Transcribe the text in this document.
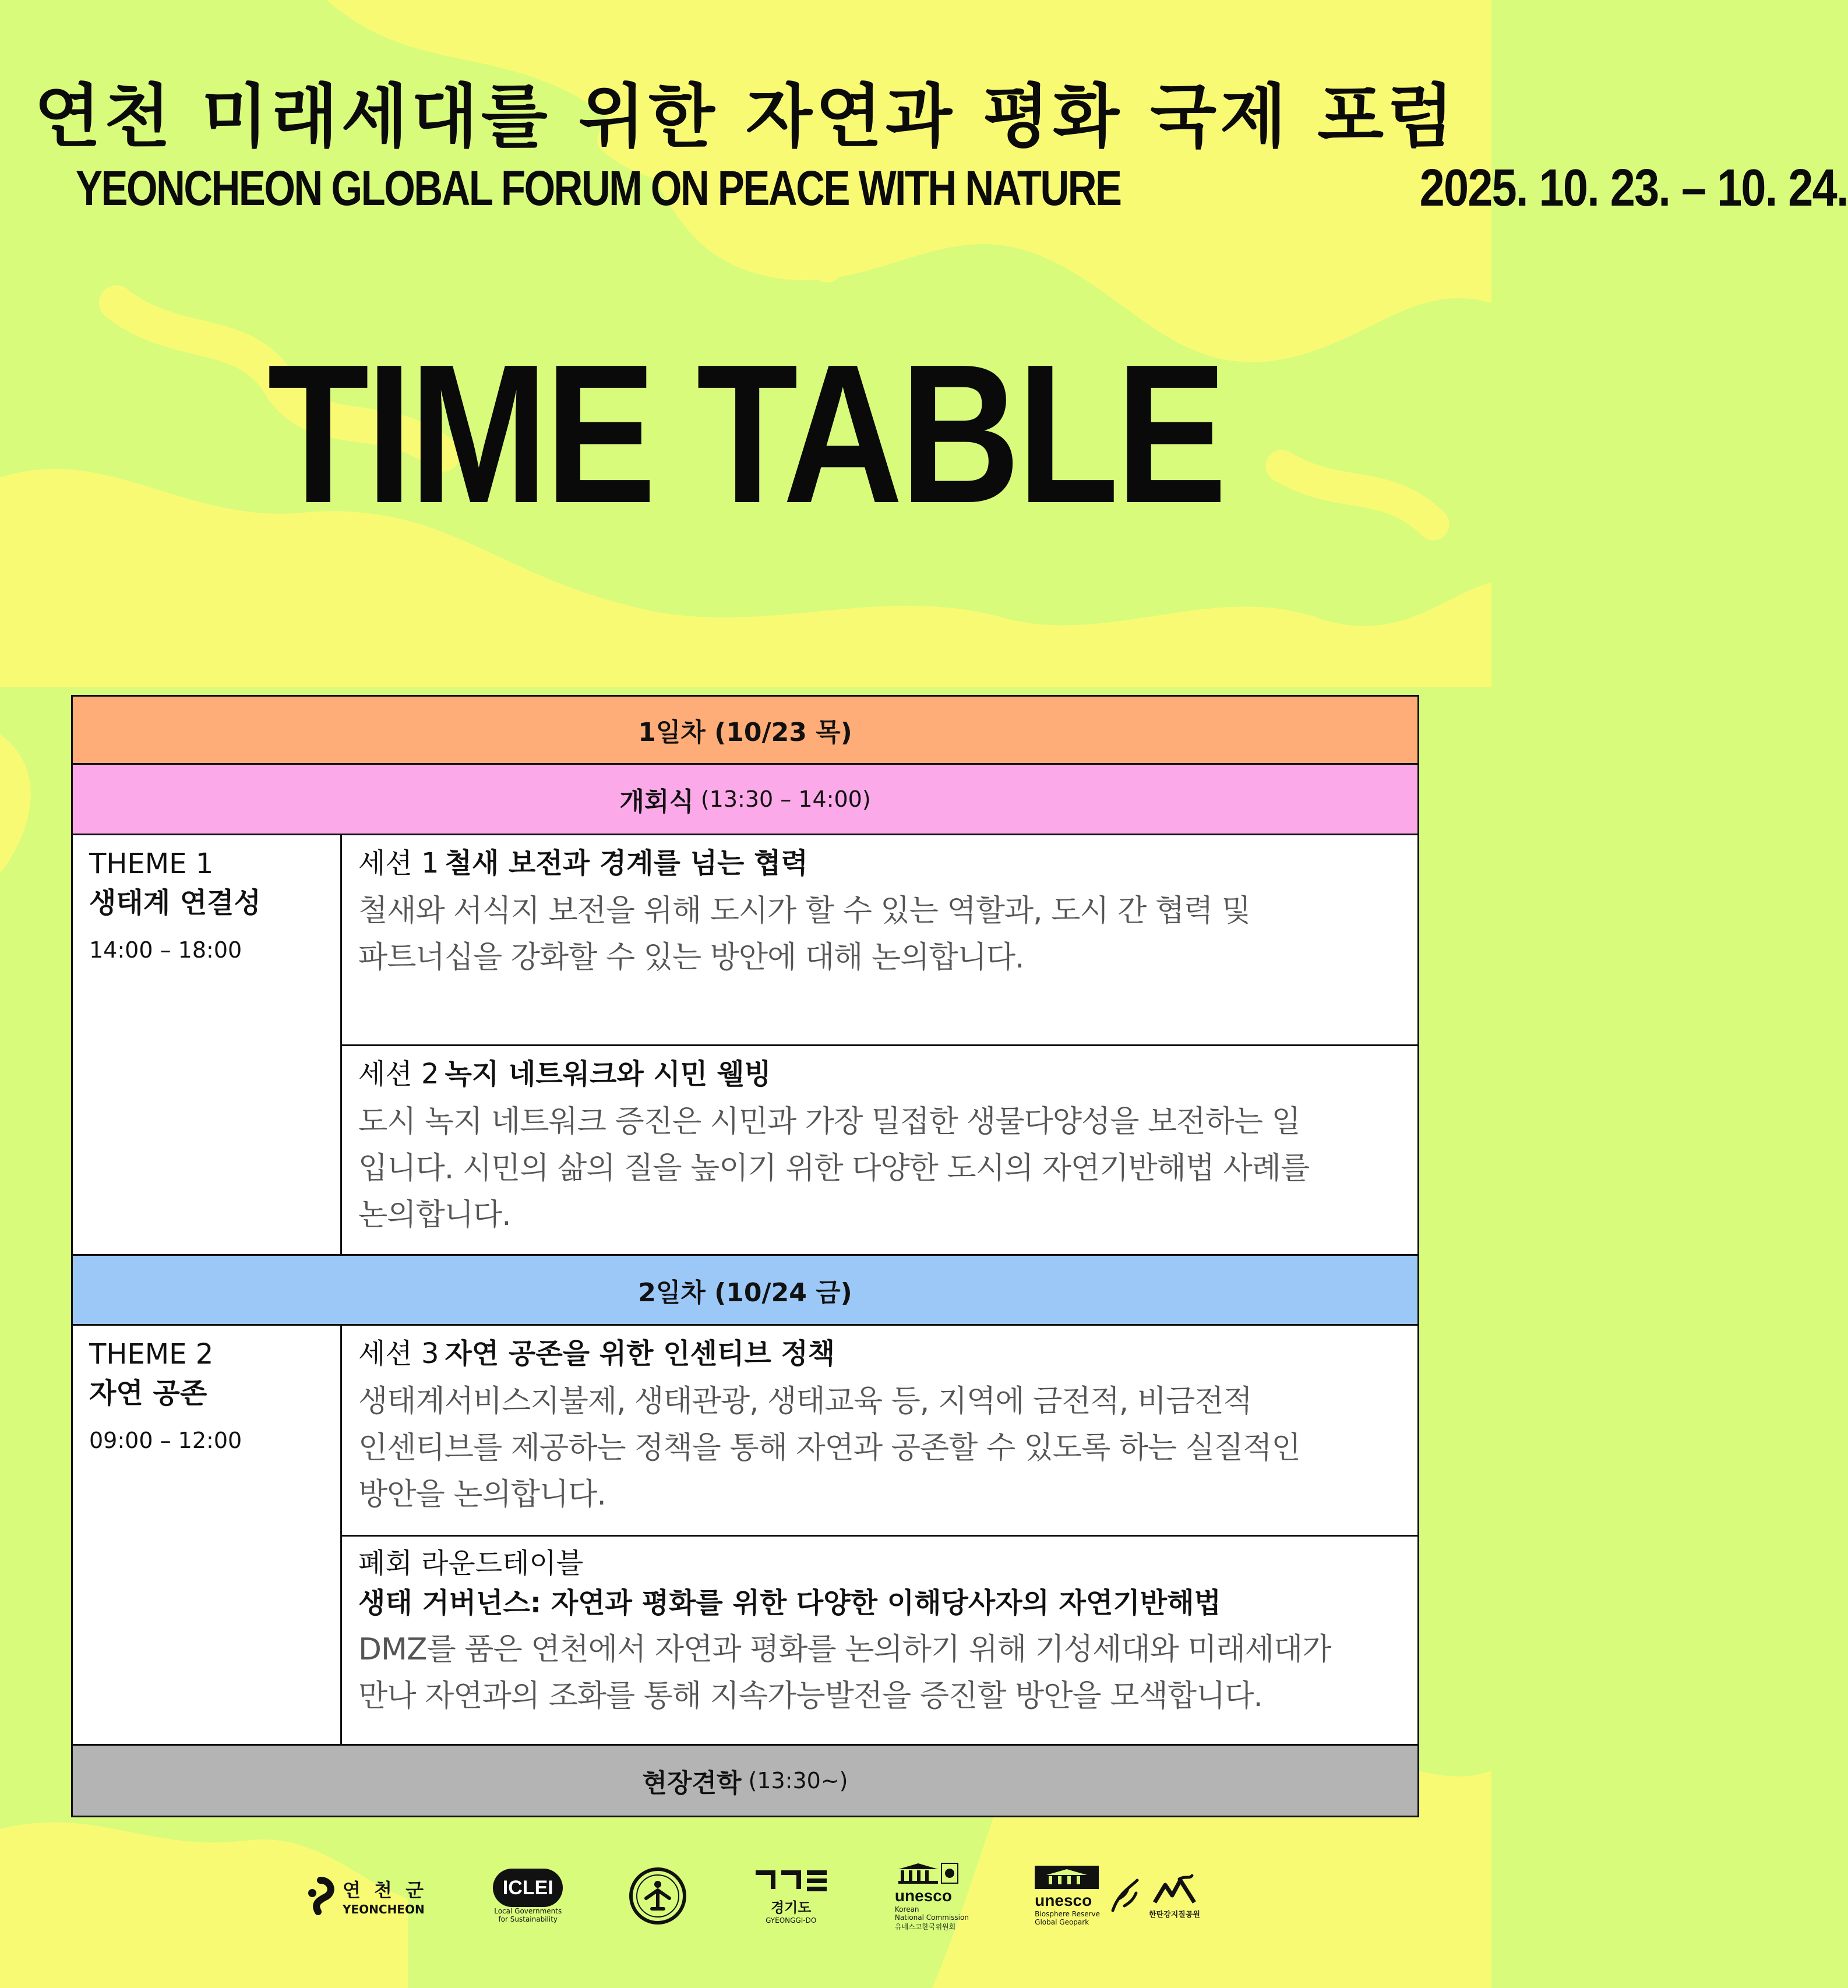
연천 미래세대를 위한 자연과 평화 국제 포럼
YEONCHEON GLOBAL FORUM ON PEACE WITH NATURE	2025. 10. 23. – 10. 24.
TIME TABLE
1일차 (10/23 목)
개회식 (13:30 – 14:00)
THEME 1
생태계 연결성
14:00 – 18:00
세션 1 철새 보전과 경계를 넘는 협력
철새와 서식지 보전을 위해 도시가 할 수 있는 역할과, 도시 간 협력 및
파트너십을 강화할 수 있는 방안에 대해 논의합니다.
세션 2 녹지 네트워크와 시민 웰빙
도시 녹지 네트워크 증진은 시민과 가장 밀접한 생물다양성을 보전하는 일
입니다. 시민의 삶의 질을 높이기 위한 다양한 도시의 자연기반해법 사례를
논의합니다.
2일차 (10/24 금)
THEME 2
자연 공존
09:00 – 12:00
세션 3 자연 공존을 위한 인센티브 정책
생태계서비스지불제, 생태관광, 생태교육 등, 지역에 금전적, 비금전적
인센티브를 제공하는 정책을 통해 자연과 공존할 수 있도록 하는 실질적인
방안을 논의합니다.
폐회 라운드테이블
생태 거버넌스: 자연과 평화를 위한 다양한 이해당사자의 자연기반해법
DMZ를 품은 연천에서 자연과 평화를 논의하기 위해 기성세대와 미래세대가
만나 자연과의 조화를 통해 지속가능발전을 증진할 방안을 모색합니다.
현장견학 (13:30~)
연 천 군
YEONCHEON
ICLEI
Local Governments
for Sustainability
경기도
GYEONGGI-DO
unesco
Korean
National Commission
유네스코한국위원회
unesco
Biosphere Reserve
Global Geopark
한탄강지질공원
